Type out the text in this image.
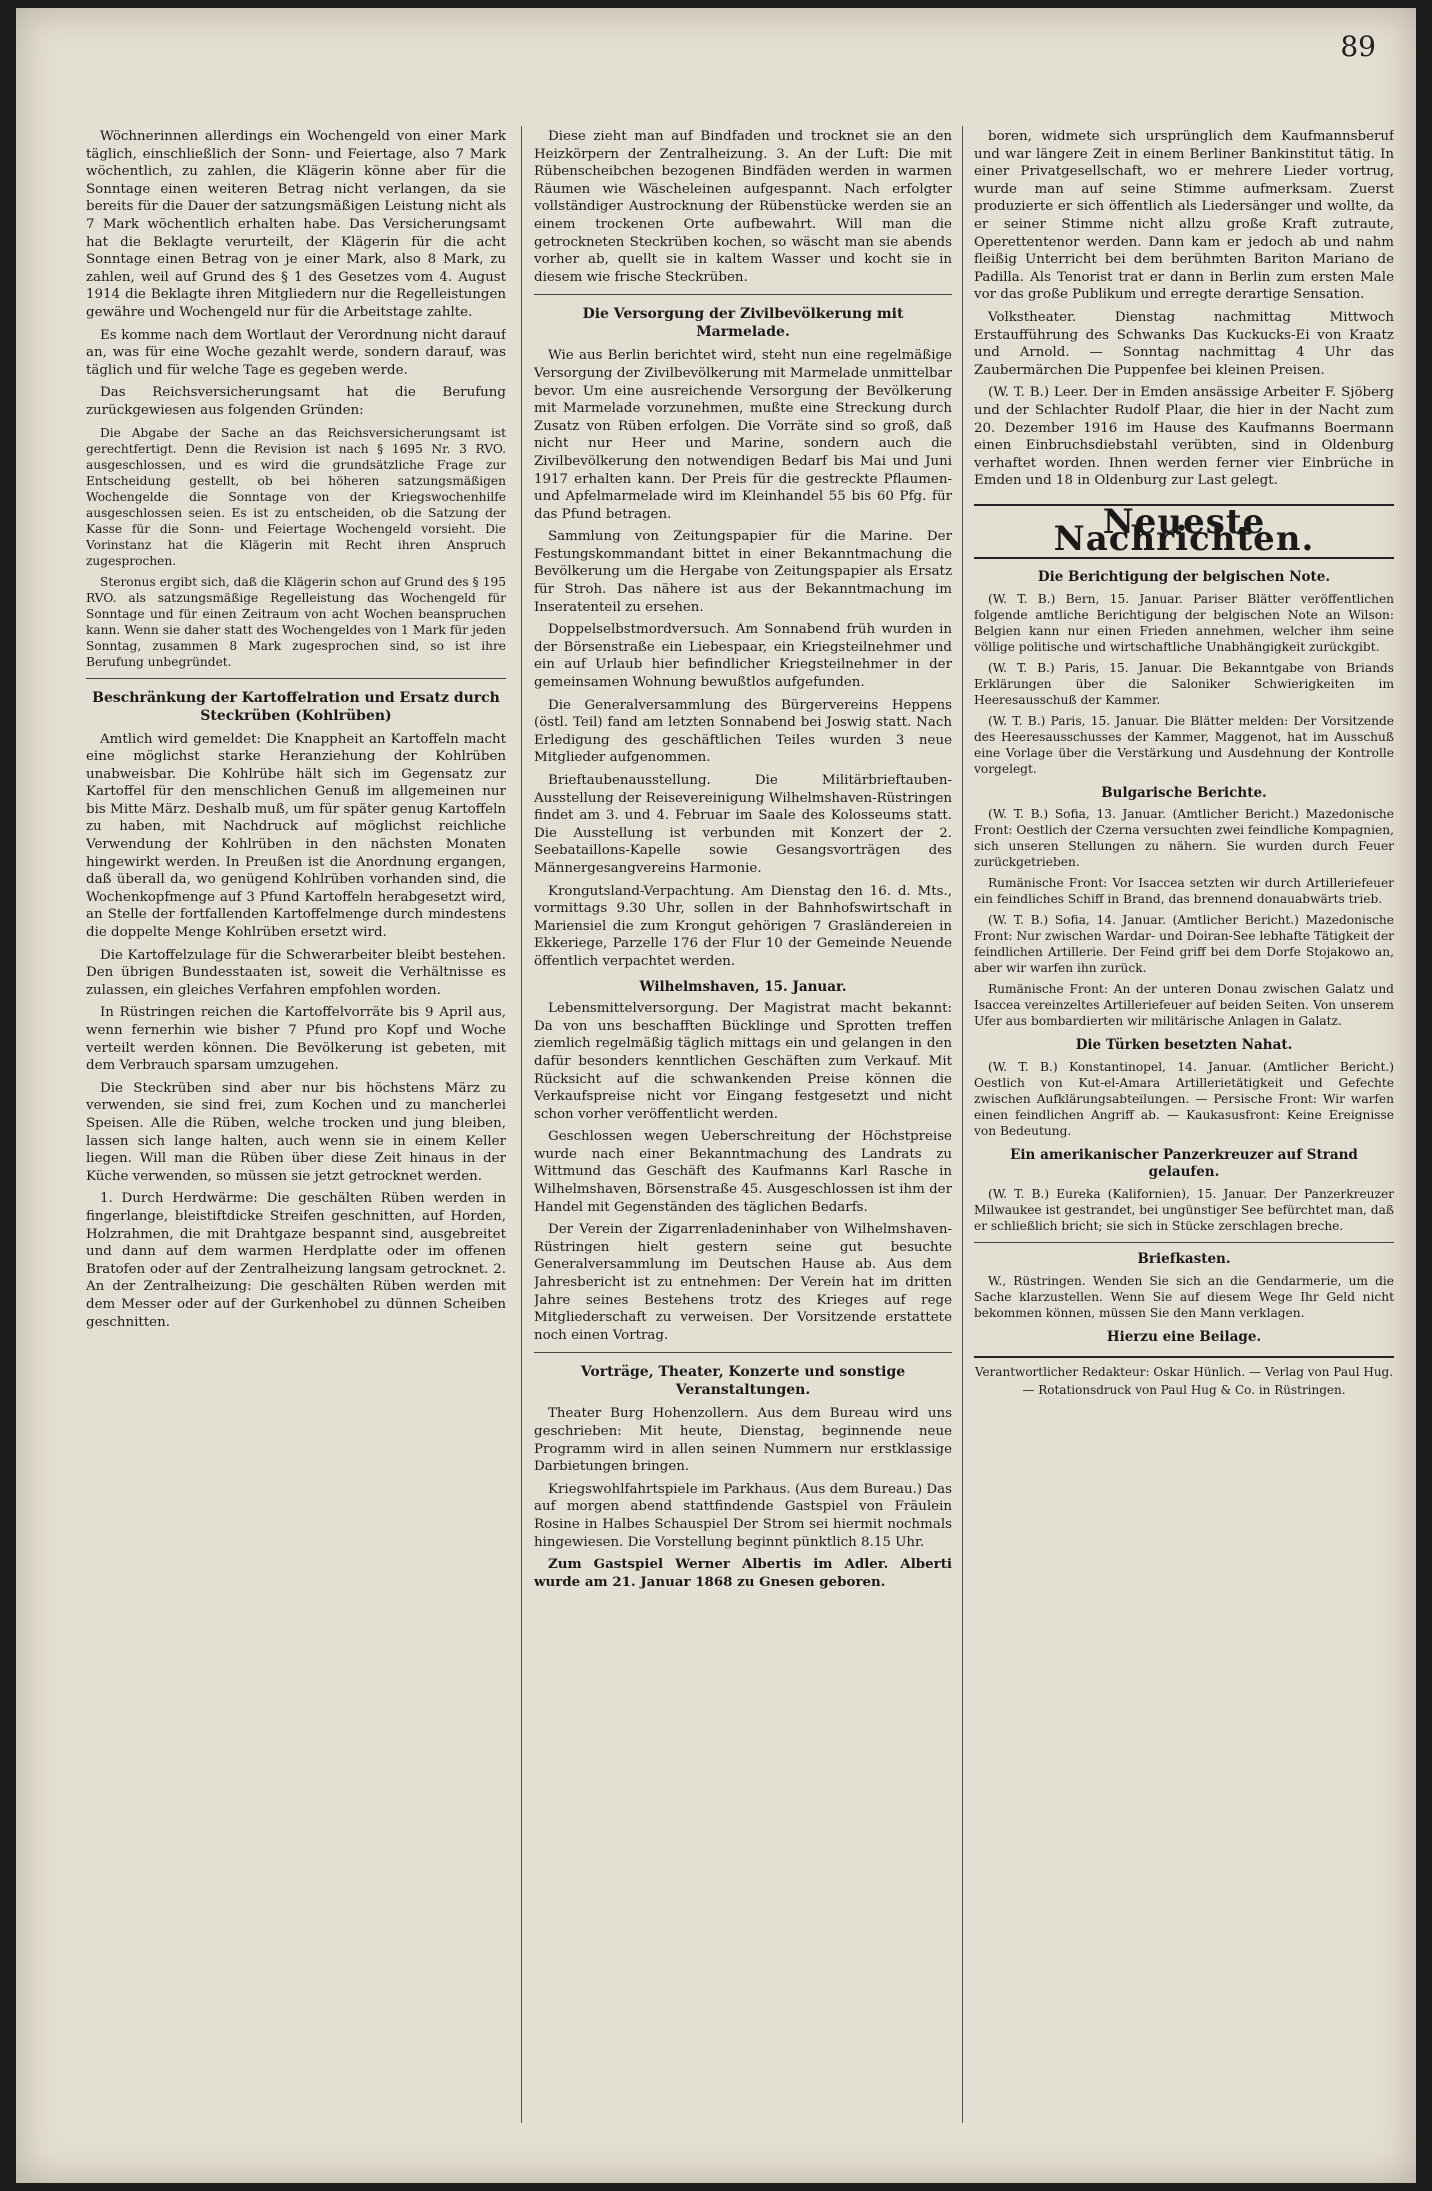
89

Wöchnerinnen allerdings ein Wochengeld von einer Mark täglich, einschließlich der Sonn- und Feiertage, also 7 Mark wöchentlich, zu zahlen, die Klägerin könne aber für die Sonntage einen weiteren Betrag nicht verlangen, da sie bereits für die Dauer der satzungsmäßigen Leistung nicht als 7 Mark wöchentlich erhalten habe. Das Versicherungsamt hat die Beklagte verurteilt, der Klägerin für die acht Sonntage einen Betrag von je einer Mark, also 8 Mark, zu zahlen, weil auf Grund des § 1 des Gesetzes vom 4. August 1914 die Beklagte ihren Mitgliedern nur die Regelleistungen gewähre und Wochengeld nur für die Arbeitstage zahlte.

Es komme nach dem Wortlaut der Verordnung nicht darauf an, was für eine Woche gezahlt werde, sondern darauf, was täglich und für welche Tage es gegeben werde.

Das Reichsversicherungsamt hat die Berufung zurückgewiesen aus folgenden Gründen:

Die Abgabe der Sache an das Reichsversicherungsamt ist gerechtfertigt. Denn die Revision ist nach § 1695 Nr. 3 RVO. ausgeschlossen, und es wird die grundsätzliche Frage zur Entscheidung gestellt, ob bei höheren satzungsmäßigen Wochengelde die Sonntage von der Kriegswochenhilfe ausgeschlossen seien. Es ist zu entscheiden, ob die Satzung der Kasse für die Sonn- und Feiertage Wochengeld vorsieht. Die Vorinstanz hat die Klägerin mit Recht ihren Anspruch zugesprochen.

Steronus ergibt sich, daß die Klägerin schon auf Grund des § 195 RVO. als satzungsmäßige Regelleistung das Wochengeld für Sonntage und für einen Zeitraum von acht Wochen beanspruchen kann. Wenn sie daher statt des Wochengeldes von 1 Mark für jeden Sonntag, zusammen 8 Mark zugesprochen sind, so ist ihre Berufung unbegründet.

Beschränkung der Kartoffelration und Ersatz durch Steckrüben (Kohlrüben)

Amtlich wird gemeldet: Die Knappheit an Kartoffeln macht eine möglichst starke Heranziehung der Kohlrüben unabweisbar. Die Kohlrübe hält sich im Gegensatz zur Kartoffel für den menschlichen Genuß im allgemeinen nur bis Mitte März. Deshalb muß, um für später genug Kartoffeln zu haben, mit Nachdruck auf möglichst reichliche Verwendung der Kohlrüben in den nächsten Monaten hingewirkt werden. In Preußen ist die Anordnung ergangen, daß überall da, wo genügend Kohlrüben vorhanden sind, die Wochenkopfmenge auf 3 Pfund Kartoffeln herabgesetzt wird, an Stelle der fortfallenden Kartoffelmenge durch mindestens die doppelte Menge Kohlrüben ersetzt wird.

Die Kartoffelzulage für die Schwerarbeiter bleibt bestehen. Den übrigen Bundesstaaten ist, soweit die Verhältnisse es zulassen, ein gleiches Verfahren empfohlen worden.

In Rüstringen reichen die Kartoffelvorräte bis 9 April aus, wenn fernerhin wie bisher 7 Pfund pro Kopf und Woche verteilt werden können. Die Bevölkerung ist gebeten, mit dem Verbrauch sparsam umzugehen.

Die Steckrüben sind aber nur bis höchstens März zu verwenden, sie sind frei, zum Kochen und zu mancherlei Speisen. Alle die Rüben, welche trocken und jung bleiben, lassen sich lange halten, auch wenn sie in einem Keller liegen. Will man die Rüben über diese Zeit hinaus in der Küche verwenden, so müssen sie jetzt getrocknet werden.

1. Durch Herdwärme: Die geschälten Rüben werden in fingerlange, bleistiftdicke Streifen geschnitten, auf Horden, Holzrahmen, die mit Drahtgaze bespannt sind, ausgebreitet und dann auf dem warmen Herdplatte oder im offenen Bratofen oder auf der Zentralheizung langsam getrocknet. 2. An der Zentralheizung: Die geschälten Rüben werden mit dem Messer oder auf der Gurkenhobel zu dünnen Scheiben geschnitten.

Diese zieht man auf Bindfaden und trocknet sie an den Heizkörpern der Zentralheizung. 3. An der Luft: Die mit Rübenscheibchen bezogenen Bindfäden werden in warmen Räumen wie Wäscheleinen aufgespannt. Nach erfolgter vollständiger Austrocknung der Rübenstücke werden sie an einem trockenen Orte aufbewahrt. Will man die getrockneten Steckrüben kochen, so wäscht man sie abends vorher ab, quellt sie in kaltem Wasser und kocht sie in diesem wie frische Steckrüben.

Die Versorgung der Zivilbevölkerung mit Marmelade.

Wie aus Berlin berichtet wird, steht nun eine regelmäßige Versorgung der Zivilbevölkerung mit Marmelade unmittelbar bevor. Um eine ausreichende Versorgung der Bevölkerung mit Marmelade vorzunehmen, mußte eine Streckung durch Zusatz von Rüben erfolgen. Die Vorräte sind so groß, daß nicht nur Heer und Marine, sondern auch die Zivilbevölkerung den notwendigen Bedarf bis Mai und Juni 1917 erhalten kann. Der Preis für die gestreckte Pflaumen- und Apfelmarmelade wird im Kleinhandel 55 bis 60 Pfg. für das Pfund betragen.

Sammlung von Zeitungspapier für die Marine. Der Festungskommandant bittet in einer Bekanntmachung die Bevölkerung um die Hergabe von Zeitungspapier als Ersatz für Stroh. Das nähere ist aus der Bekanntmachung im Inseratenteil zu ersehen.

Doppelselbstmordversuch. Am Sonnabend früh wurden in der Börsenstraße ein Liebespaar, ein Kriegsteilnehmer und ein auf Urlaub hier befindlicher Kriegsteilnehmer in der gemeinsamen Wohnung bewußtlos aufgefunden.

Die Generalversammlung des Bürgervereins Heppens (östl. Teil) fand am letzten Sonnabend bei Joswig statt. Nach Erledigung des geschäftlichen Teiles wurden 3 neue Mitglieder aufgenommen.

Brieftaubenausstellung. Die Militärbrieftauben-Ausstellung der Reisevereinigung Wilhelmshaven-Rüstringen findet am 3. und 4. Februar im Saale des Kolosseums statt. Die Ausstellung ist verbunden mit Konzert der 2. Seebataillons-Kapelle sowie Gesangsvorträgen des Männergesangvereins Harmonie.

Krongutsland-Verpachtung. Am Dienstag den 16. d. Mts., vormittags 9.30 Uhr, sollen in der Bahnhofswirtschaft in Mariensiel die zum Krongut gehörigen 7 Grasländereien in Ekkeriege, Parzelle 176 der Flur 10 der Gemeinde Neuende öffentlich verpachtet werden.

Wilhelmshaven, 15. Januar.

Lebensmittelversorgung. Der Magistrat macht bekannt: Da von uns beschafften Bücklinge und Sprotten treffen ziemlich regelmäßig täglich mittags ein und gelangen in den dafür besonders kenntlichen Geschäften zum Verkauf. Mit Rücksicht auf die schwankenden Preise können die Verkaufspreise nicht vor Eingang festgesetzt und nicht schon vorher veröffentlicht werden.

Geschlossen wegen Ueberschreitung der Höchstpreise wurde nach einer Bekanntmachung des Landrats zu Wittmund das Geschäft des Kaufmanns Karl Rasche in Wilhelmshaven, Börsenstraße 45. Ausgeschlossen ist ihm der Handel mit Gegenständen des täglichen Bedarfs.

Der Verein der Zigarrenladeninhaber von Wilhelmshaven-Rüstringen hielt gestern seine gut besuchte Generalversammlung im Deutschen Hause ab. Aus dem Jahresbericht ist zu entnehmen: Der Verein hat im dritten Jahre seines Bestehens trotz des Krieges auf rege Mitgliederschaft zu verweisen. Der Vorsitzende erstattete noch einen Vortrag.

Vorträge, Theater, Konzerte und sonstige Veranstaltungen.

Theater Burg Hohenzollern. Aus dem Bureau wird uns geschrieben: Mit heute, Dienstag, beginnende neue Programm wird in allen seinen Nummern nur erstklassige Darbietungen bringen.

Kriegswohlfahrtspiele im Parkhaus. (Aus dem Bureau.) Das auf morgen abend stattfindende Gastspiel von Fräulein Rosine in Halbes Schauspiel Der Strom sei hiermit nochmals hingewiesen. Die Vorstellung beginnt pünktlich 8.15 Uhr.

Zum Gastspiel Werner Albertis im Adler. Alberti wurde am 21. Januar 1868 zu Gnesen geboren.

boren, widmete sich ursprünglich dem Kaufmannsberuf und war längere Zeit in einem Berliner Bankinstitut tätig. In einer Privatgesellschaft, wo er mehrere Lieder vortrug, wurde man auf seine Stimme aufmerksam. Zuerst produzierte er sich öffentlich als Liedersänger und wollte, da er seiner Stimme nicht allzu große Kraft zutraute, Operettentenor werden. Dann kam er jedoch ab und nahm fleißig Unterricht bei dem berühmten Bariton Mariano de Padilla. Als Tenorist trat er dann in Berlin zum ersten Male vor das große Publikum und erregte derartige Sensation.

Volkstheater. Dienstag nachmittag Mittwoch Erstaufführung des Schwanks Das Kuckucks-Ei von Kraatz und Arnold. — Sonntag nachmittag 4 Uhr das Zaubermärchen Die Puppenfee bei kleinen Preisen.

(W. T. B.) Leer. Der in Emden ansässige Arbeiter F. Sjöberg und der Schlachter Rudolf Plaar, die hier in der Nacht zum 20. Dezember 1916 im Hause des Kaufmanns Boermann einen Einbruchsdiebstahl verübten, sind in Oldenburg verhaftet worden. Ihnen werden ferner vier Einbrüche in Emden und 18 in Oldenburg zur Last gelegt.

Neueste Nachrichten.
Die Berichtigung der belgischen Note.

(W. T. B.) Bern, 15. Januar. Pariser Blätter veröffentlichen folgende amtliche Berichtigung der belgischen Note an Wilson: Belgien kann nur einen Frieden annehmen, welcher ihm seine völlige politische und wirtschaftliche Unabhängigkeit zurückgibt.

(W. T. B.) Paris, 15. Januar. Die Bekanntgabe von Briands Erklärungen über die Saloniker Schwierigkeiten im Heeresausschuß der Kammer.

(W. T. B.) Paris, 15. Januar. Die Blätter melden: Der Vorsitzende des Heeresausschusses der Kammer, Maggenot, hat im Ausschuß eine Vorlage über die Verstärkung und Ausdehnung der Kontrolle vorgelegt.

Bulgarische Berichte.

(W. T. B.) Sofia, 13. Januar. (Amtlicher Bericht.) Mazedonische Front: Oestlich der Czerna versuchten zwei feindliche Kompagnien, sich unseren Stellungen zu nähern. Sie wurden durch Feuer zurückgetrieben.

Rumänische Front: Vor Isaccea setzten wir durch Artilleriefeuer ein feindliches Schiff in Brand, das brennend donauabwärts trieb.

(W. T. B.) Sofia, 14. Januar. (Amtlicher Bericht.) Mazedonische Front: Nur zwischen Wardar- und Doiran-See lebhafte Tätigkeit der feindlichen Artillerie. Der Feind griff bei dem Dorfe Stojakowo an, aber wir warfen ihn zurück.

Rumänische Front: An der unteren Donau zwischen Galatz und Isaccea vereinzeltes Artilleriefeuer auf beiden Seiten. Von unserem Ufer aus bombardierten wir militärische Anlagen in Galatz.

Die Türken besetzten Nahat.

(W. T. B.) Konstantinopel, 14. Januar. (Amtlicher Bericht.) Oestlich von Kut-el-Amara Artillerietätigkeit und Gefechte zwischen Aufklärungsabteilungen. — Persische Front: Wir warfen einen feindlichen Angriff ab. — Kaukasusfront: Keine Ereignisse von Bedeutung.

Ein amerikanischer Panzerkreuzer auf Strand gelaufen.

(W. T. B.) Eureka (Kalifornien), 15. Januar. Der Panzerkreuzer Milwaukee ist gestrandet, bei ungünstiger See befürchtet man, daß er schließlich bricht; sie sich in Stücke zerschlagen breche.

Briefkasten.

W., Rüstringen. Wenden Sie sich an die Gendarmerie, um die Sache klarzustellen. Wenn Sie auf diesem Wege Ihr Geld nicht bekommen können, müssen Sie den Mann verklagen.

Hierzu eine Beilage.
Verantwortlicher Redakteur: Oskar Hünlich. — Verlag von Paul Hug. — Rotationsdruck von Paul Hug & Co. in Rüstringen.
